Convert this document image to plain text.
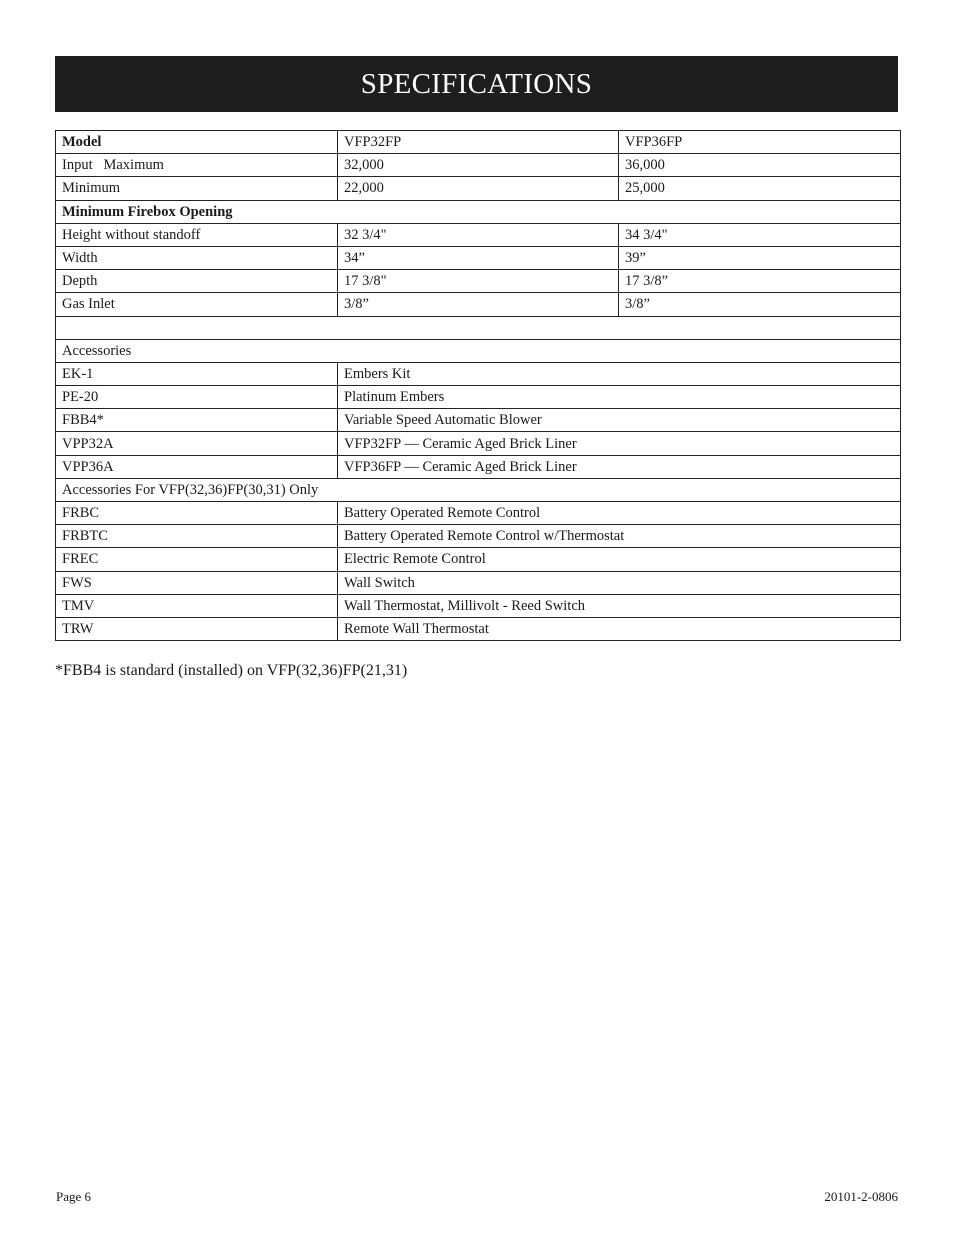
SPECIFICATIONS
Model	VFP32FP	VFP36FP
Input   Maximum	32,000	36,000
Minimum	22,000	25,000
Minimum Firebox Opening		
Height without standoff	32 3/4"	34 3/4"
Width	34”	39”
Depth	17 3/8"	17 3/8”
Gas Inlet	3/8”	3/8”

Accessories		
EK-1	Embers Kit	
PE-20	Platinum Embers	
FBB4*	Variable Speed Automatic Blower	
VPP32A	VFP32FP — Ceramic Aged Brick Liner	
VPP36A	VFP36FP — Ceramic Aged Brick Liner	
Accessories For VFP(32,36)FP(30,31) Only		
FRBC	Battery Operated Remote Control	
FRBTC	Battery Operated Remote Control w/Thermostat	
FREC	Electric Remote Control	
FWS	Wall Switch	
TMV	Wall Thermostat, Millivolt - Reed Switch	
TRW	Remote Wall Thermostat	
*FBB4 is standard (installed) on VFP(32,36)FP(21,31)
Page 6	20101-2-0806
